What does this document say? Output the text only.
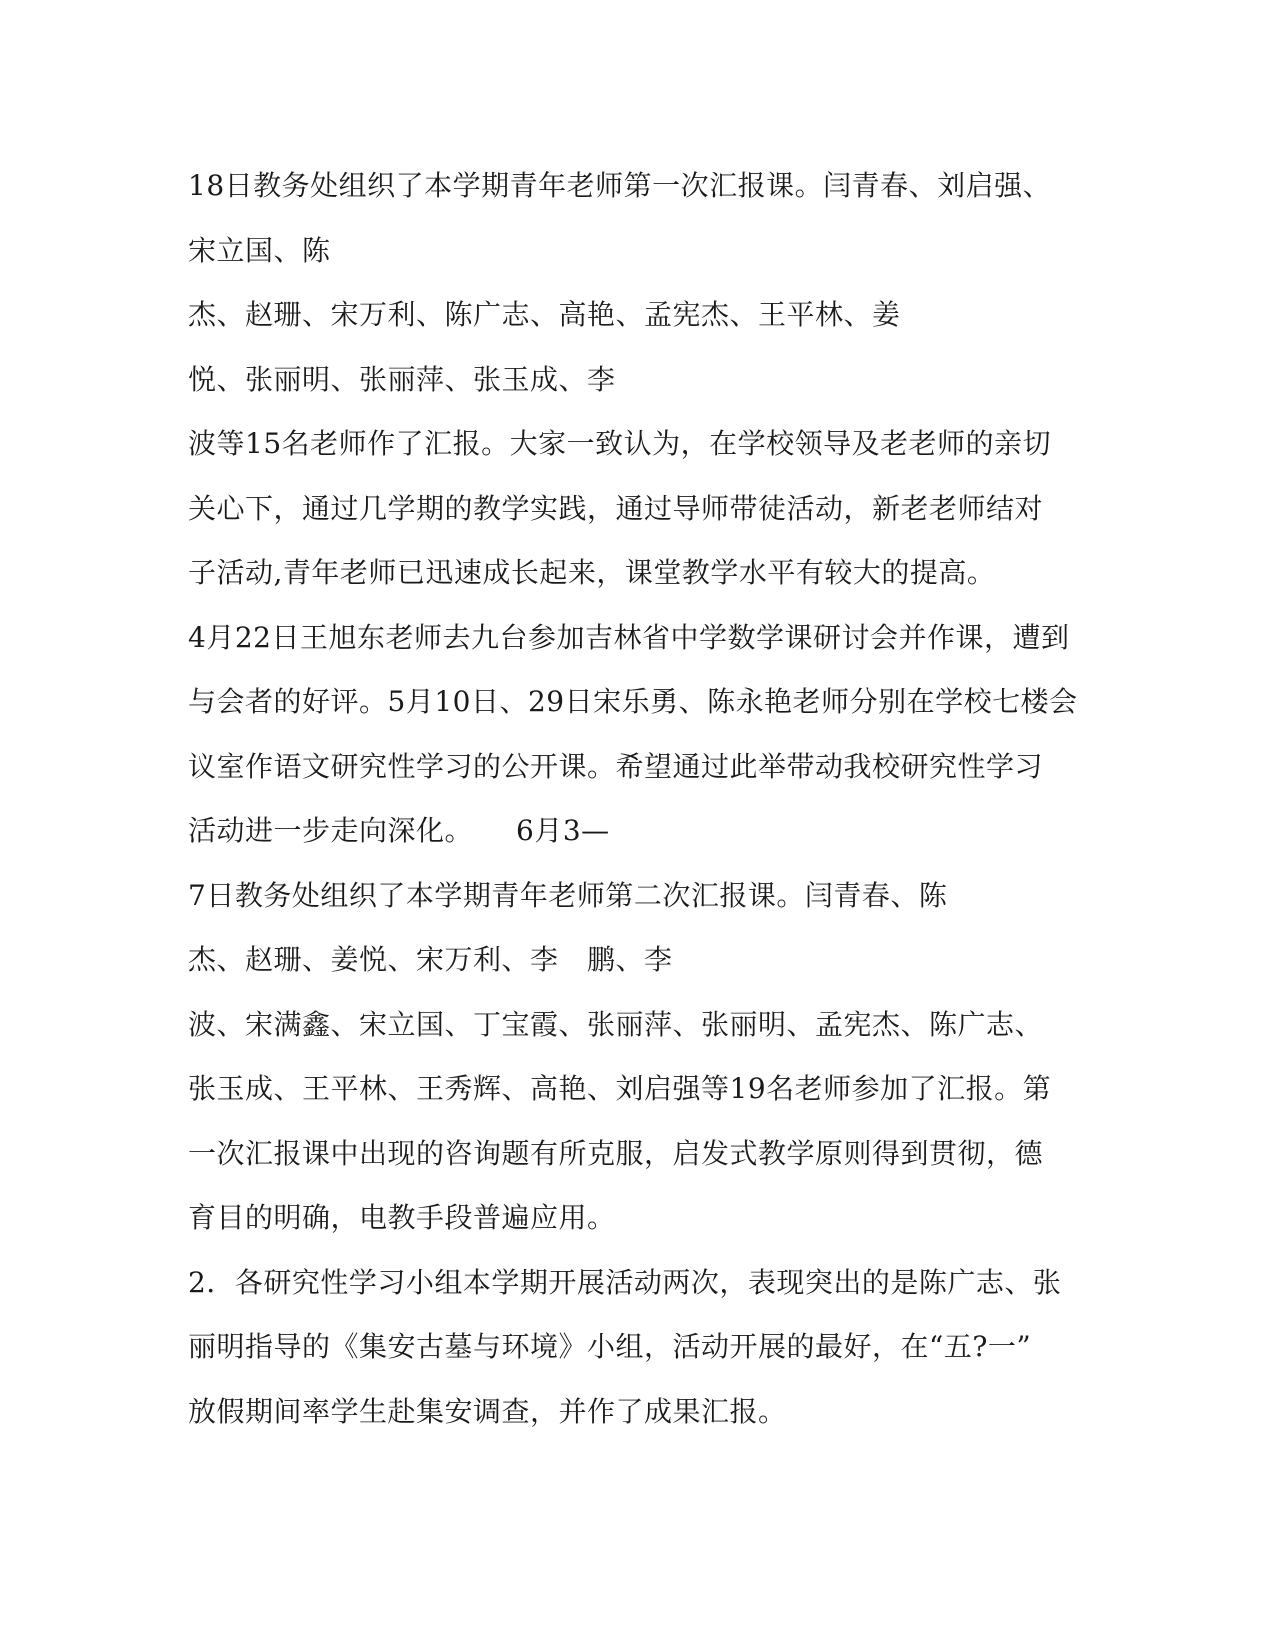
18日教务处组织了本学期青年老师第一次汇报课。闫青春、刘启强、
宋立国、陈
杰、赵珊、宋万利、陈广志、高艳、孟宪杰、王平林、姜
悦、张丽明、张丽萍、张玉成、李
波等15名老师作了汇报。大家一致认为，在学校领导及老老师的亲切
关心下，通过几学期的教学实践，通过导师带徒活动，新老老师结对
子活动,青年老师已迅速成长起来，课堂教学水平有较大的提高。
4月22日王旭东老师去九台参加吉林省中学数学课研讨会并作课，遭到
与会者的好评。5月10日、29日宋乐勇、陈永艳老师分别在学校七楼会
议室作语文研究性学习的公开课。希望通过此举带动我校研究性学习
活动进一步走向深化。　　6月3—
7日教务处组织了本学期青年老师第二次汇报课。闫青春、陈
杰、赵珊、姜悦、宋万利、李　鹏、李
波、宋满鑫、宋立国、丁宝霞、张丽萍、张丽明、孟宪杰、陈广志、
张玉成、王平林、王秀辉、高艳、刘启强等19名老师参加了汇报。第
一次汇报课中出现的咨询题有所克服，启发式教学原则得到贯彻，德
育目的明确，电教手段普遍应用。
2．各研究性学习小组本学期开展活动两次，表现突出的是陈广志、张
丽明指导的《集安古墓与环境》小组，活动开展的最好，在“五?一”
放假期间率学生赴集安调查，并作了成果汇报。
